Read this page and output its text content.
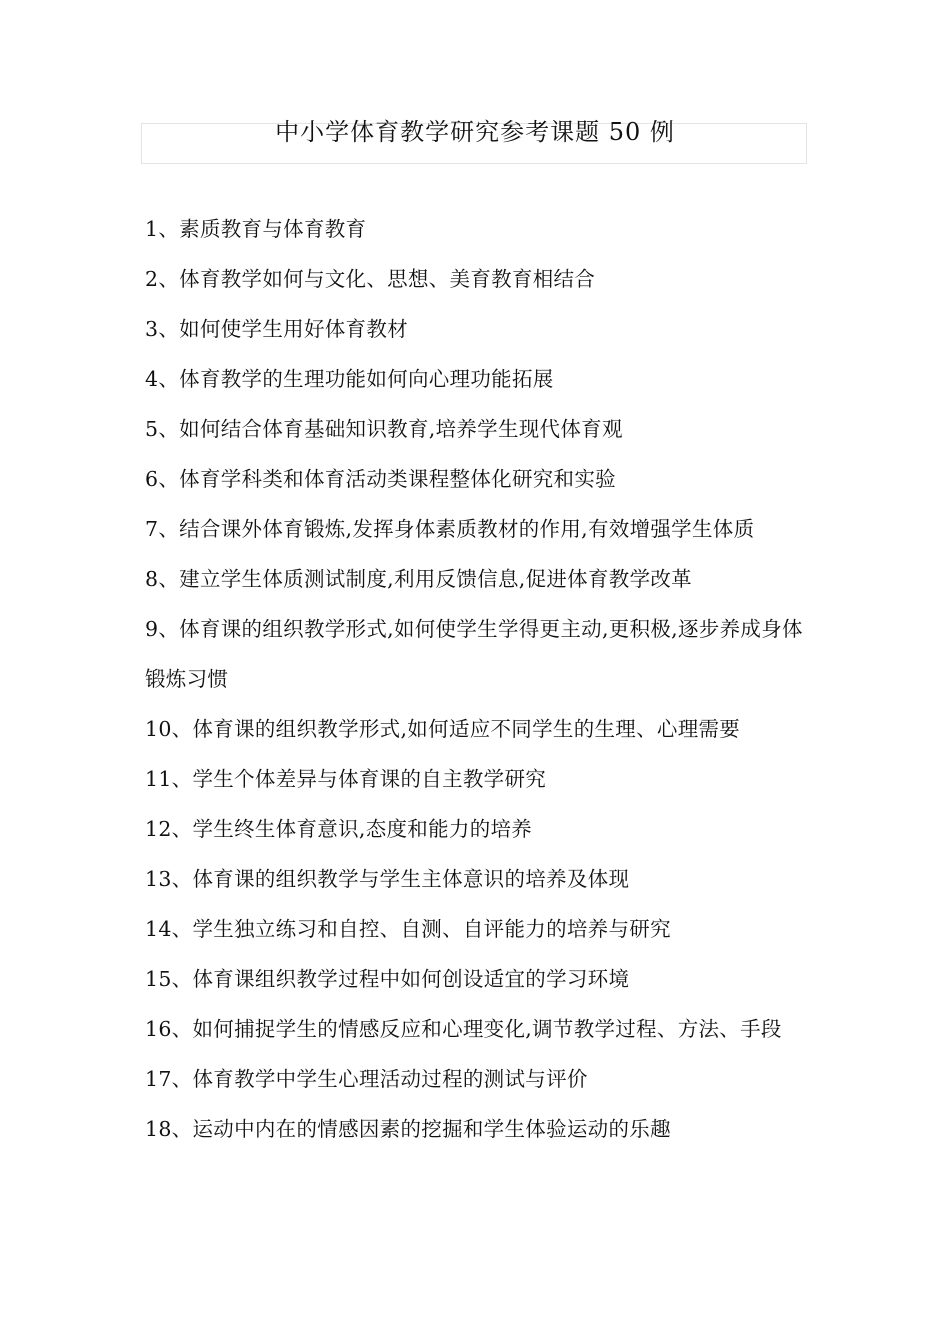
中小学体育教学研究参考课题 50 例
1、素质教育与体育教育
2、体育教学如何与文化、思想、美育教育相结合
3、如何使学生用好体育教材
4、体育教学的生理功能如何向心理功能拓展
5、如何结合体育基础知识教育,培养学生现代体育观
6、体育学科类和体育活动类课程整体化研究和实验
7、结合课外体育锻炼,发挥身体素质教材的作用,有效增强学生体质
8、建立学生体质测试制度,利用反馈信息,促进体育教学改革
9、体育课的组织教学形式,如何使学生学得更主动,更积极,逐步养成身体锻炼习惯
10、体育课的组织教学形式,如何适应不同学生的生理、心理需要
11、学生个体差异与体育课的自主教学研究
12、学生终生体育意识,态度和能力的培养
13、体育课的组织教学与学生主体意识的培养及体现
14、学生独立练习和自控、自测、自评能力的培养与研究
15、体育课组织教学过程中如何创设适宜的学习环境
16、如何捕捉学生的情感反应和心理变化,调节教学过程、方法、手段
17、体育教学中学生心理活动过程的测试与评价
18、运动中内在的情感因素的挖掘和学生体验运动的乐趣
